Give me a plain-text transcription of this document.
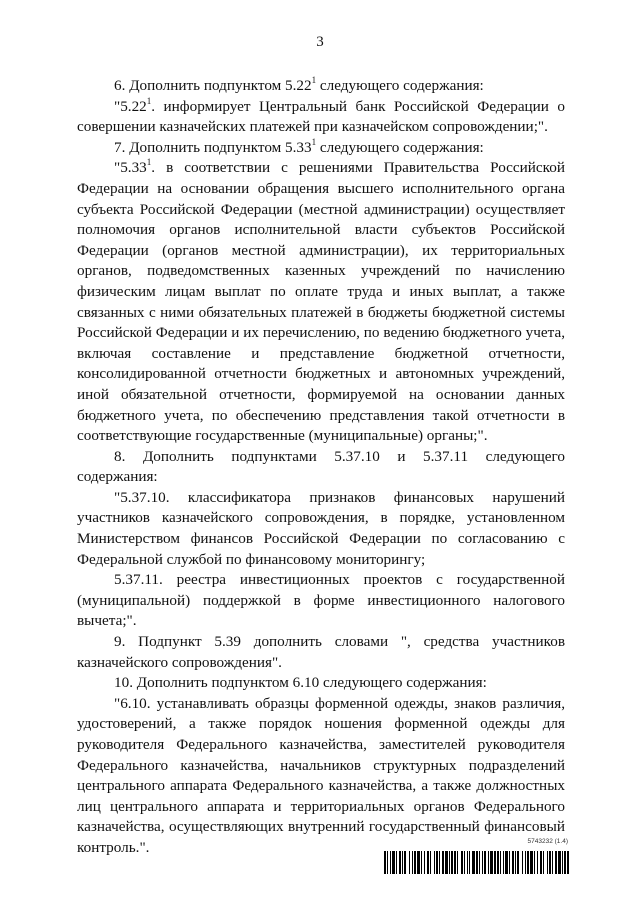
3

6. Дополнить подпунктом 5.22$^1$ следующего содержания:

"5.22$^1$. информирует Центральный банк Российской Федерации о совершении казначейских платежей при казначейском сопровождении;".

7. Дополнить подпунктом 5.33$^1$ следующего содержания:

"5.33$^1$. в соответствии с решениями Правительства Российской Федерации на основании обращения высшего исполнительного органа субъекта Российской Федерации (местной администрации) осуществляет полномочия органов исполнительной власти субъектов Российской Федерации (органов местной администрации), их территориальных органов, подведомственных казенных учреждений по начислению физическим лицам выплат по оплате труда и иных выплат, а также связанных с ними обязательных платежей в бюджеты бюджетной системы Российской Федерации и их перечислению, по ведению бюджетного учета, включая составление и представление бюджетной отчетности, консолидированной отчетности бюджетных и автономных учреждений, иной обязательной отчетности, формируемой на основании данных бюджетного учета, по обеспечению представления такой отчетности в соответствующие государственные (муниципальные) органы;".

8. Дополнить подпунктами 5.37.10 и 5.37.11 следующего содержания:

"5.37.10. классификатора признаков финансовых нарушений участников казначейского сопровождения, в порядке, установленном Министерством финансов Российской Федерации по согласованию с Федеральной службой по финансовому мониторингу;

5.37.11. реестра инвестиционных проектов с государственной (муниципальной) поддержкой в форме инвестиционного налогового вычета;".

9. Подпункт 5.39 дополнить словами ", средства участников казначейского сопровождения".

10. Дополнить подпунктом 6.10 следующего содержания:

"6.10. устанавливать образцы форменной одежды, знаков различия, удостоверений, а также порядок ношения форменной одежды для руководителя Федерального казначейства, заместителей руководителя Федерального казначейства, начальников структурных подразделений центрального аппарата Федерального казначейства, а также должностных лиц центрального аппарата и территориальных органов Федерального казначейства, осуществляющих внутренний государственный финансовый контроль.".	5743232 (1.4)
